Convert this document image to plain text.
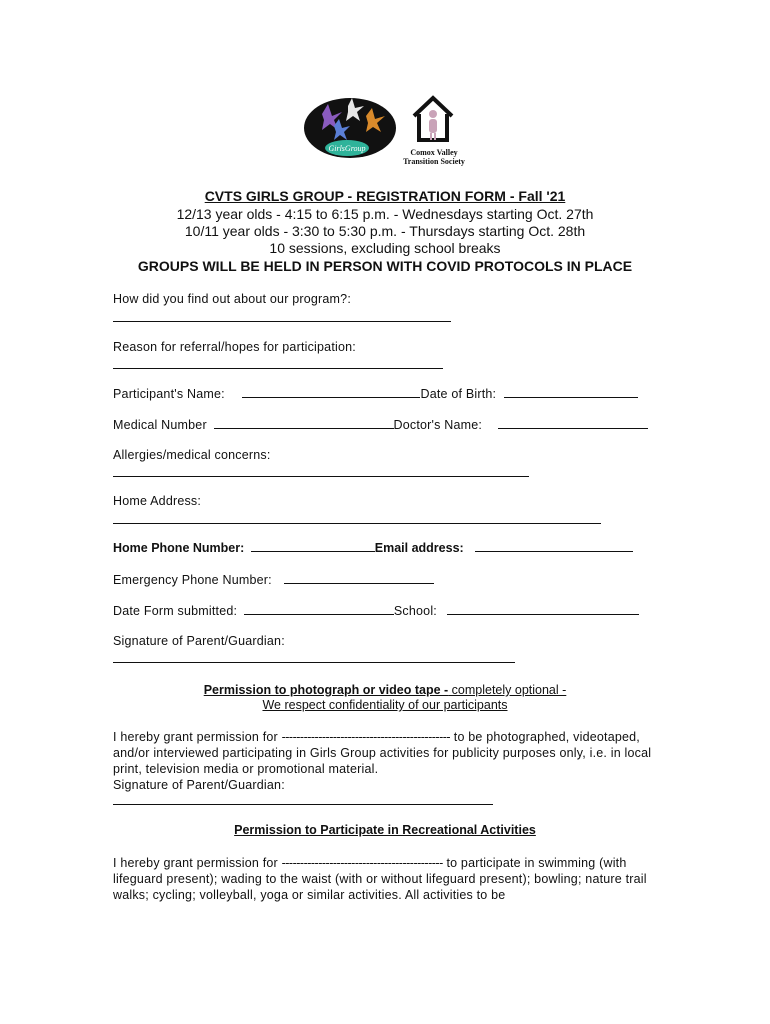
GirlsGroup	Comox Valley
Transition Society
CVTS GIRLS GROUP - REGISTRATION FORM - Fall '21
12/13 year olds - 4:15 to 6:15 p.m. - Wednesdays starting Oct. 27th
10/11 year olds - 3:30 to 5:30 p.m. - Thursdays starting Oct. 28th
10 sessions, excluding school breaks
GROUPS WILL BE HELD IN PERSON WITH COVID PROTOCOLS IN PLACE
How did you find out about our program?:
Reason for referral/hopes for participation:
Participant's Name:	Date of Birth:
Medical Number	Doctor's Name:
Allergies/medical concerns:
Home Address:
Home Phone Number:	Email address:
Emergency Phone Number:
Date Form submitted:	School:
Signature of Parent/Guardian:
Permission to photograph or video tape - completely optional -
We respect confidentiality of our participants
I hereby grant permission for ---------------------------------------------- to be photographed, videotaped, and/or interviewed participating in Girls Group activities for publicity purposes only, i.e. in local print, television media or promotional material.
Signature of Parent/Guardian:
Permission to Participate in Recreational Activities
I hereby grant permission for -------------------------------------------- to participate in swimming (with lifeguard present); wading to the waist (with or without lifeguard present); bowling; nature trail walks; cycling; volleyball, yoga or similar activities. All activities to be
